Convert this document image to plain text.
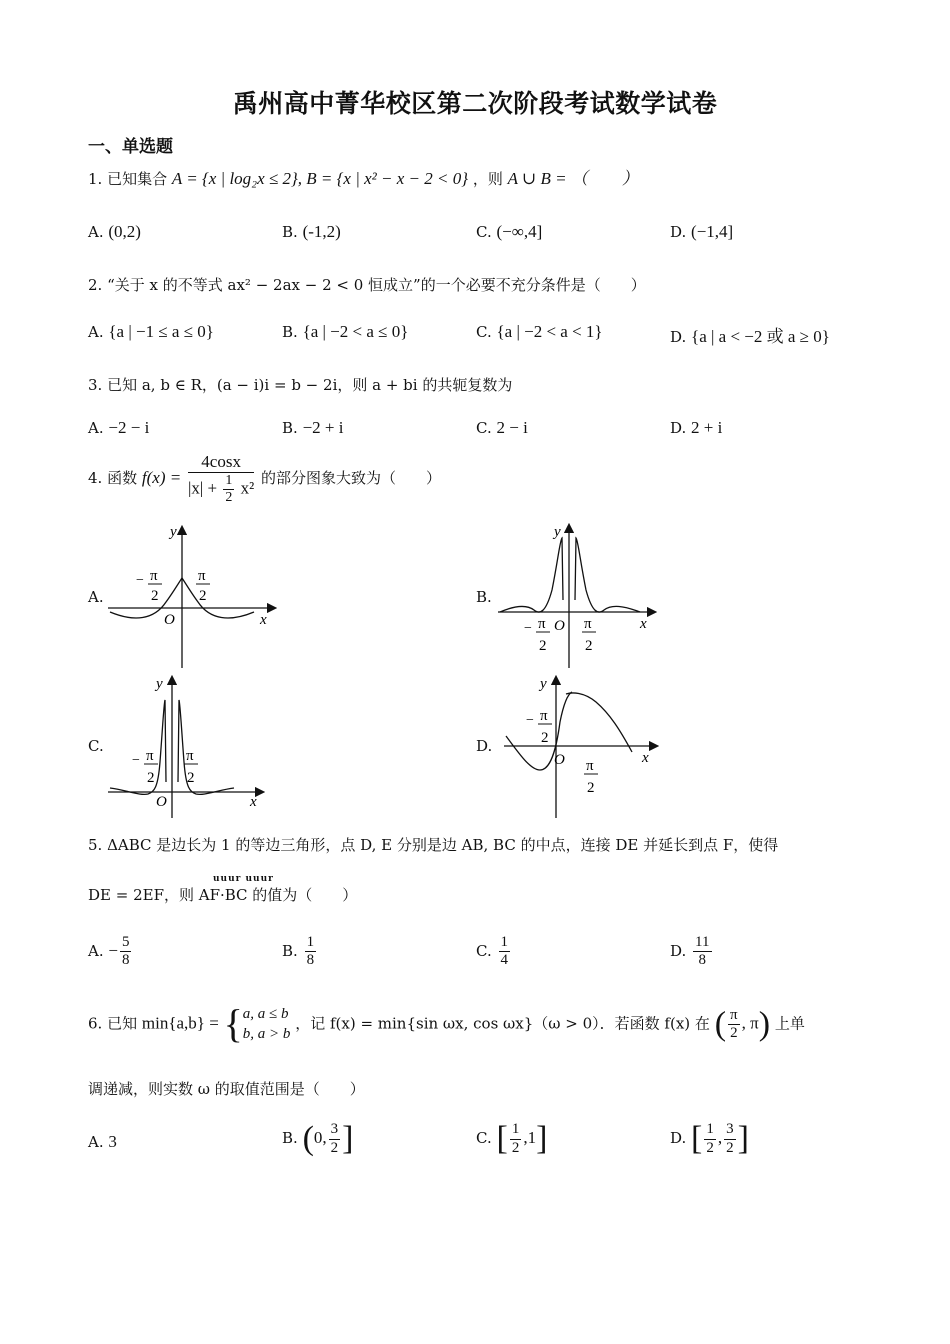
禹州高中菁华校区第二次阶段考试数学试卷
一、单选题
1. 已知集合 A = {x | log₂x ≤ 2}, B = {x | x² − x − 2 < 0} ，则 A ∪ B = （　　）
A. (0,2)	B. (-1,2)	C. (−∞,4]	D. (−1,4]
2. “关于 x 的不等式 ax² − 2ax − 2 < 0 恒成立”的一个必要不充分条件是（　　）
A. {a | −1 ≤ a ≤ 0}	B. {a | −2 < a ≤ 0}	C. {a | −2 < a < 1}	D. {a | a < −2 或 a ≥ 0}
3. 已知 a, b ∈ R，(a − i)i = b − 2i，则 a + bi 的共轭复数为
A. −2 − i	B. −2 + i	C. 2 − i	D. 2 + i
4. 函数 $f(x) = \frac{4\cos x}{|x| + \frac{1}{2} x^2}$ 的部分图象大致为（　　）
A.	B.
C.	D.
y
x
O
− π
2
π
2
y
x
O
− π
2
π
2
y
x
O
− π
2
π
2
y
x
O
− π
2
π
2
5. ΔABC 是边长为 1 的等边三角形，点 D, E 分别是边 AB, BC 的中点，连接 DE 并延长到点 F，使得
uuur uuur
DE = 2EF，则 AF·BC 的值为（　　）
A. − $\frac{5}{8}$	B. $\frac{1}{8}$	C. $\frac{1}{4}$	D. $\frac{11}{8}$
6. 已知 min{a,b} = { a, a ≤ b
b, a > b
，记 f(x) = min{sin ωx, cos ωx}（ω > 0）．若函数 f(x) 在 ( $\frac{\pi}{2}$ , π) 上单
调递减，则实数 ω 的取值范围是（　　）
A. 3	B. (0, $\frac{3}{2}$ ]	C. [ $\frac{1}{2} ,1$]	D. [ $\frac{1}{2}$ , $\frac{3}{2}$ ]
